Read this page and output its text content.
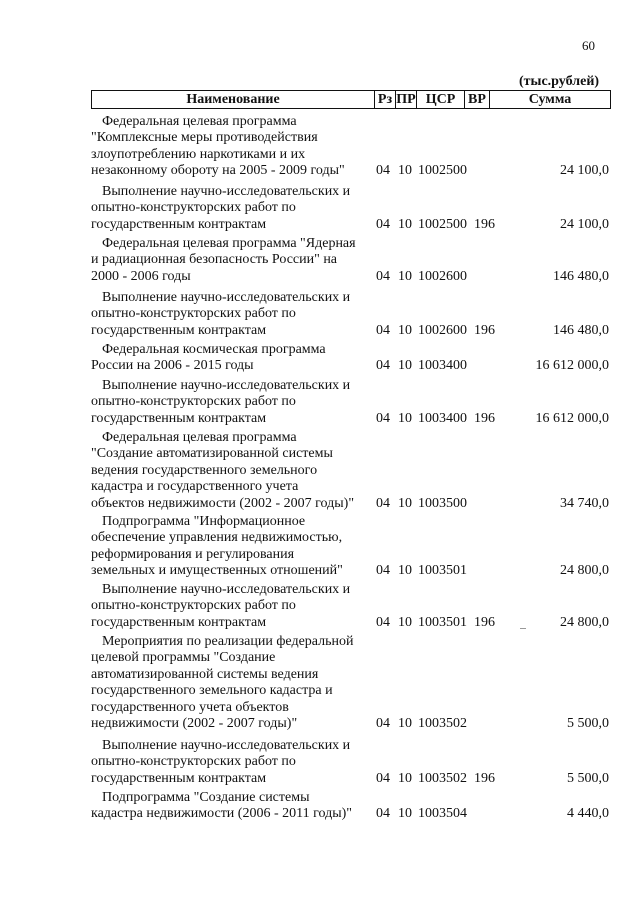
60
(тыс.рублей)
Наименование	Рз ПР ЦСР ВР	Сумма
Федеральная целевая программа
"Комплексные меры противодействия
злоупотреблению наркотиками и их
незаконному обороту на 2005 - 2009 годы"	04 10 1002500	24 100,0
Выполнение научно-исследовательских и
опытно-конструкторских работ по
государственным контрактам	04 10 1002500 196	24 100,0
Федеральная целевая программа "Ядерная
и радиационная безопасность России" на
2000 - 2006 годы	04 10 1002600	146 480,0
Выполнение научно-исследовательских и
опытно-конструкторских работ по
государственным контрактам	04 10 1002600 196	146 480,0
Федеральная космическая программа
России на 2006 - 2015 годы	04 10 1003400	16 612 000,0
Выполнение научно-исследовательских и
опытно-конструкторских работ по
государственным контрактам	04 10 1003400 196	16 612 000,0
Федеральная целевая программа
"Создание автоматизированной системы
ведения государственного земельного
кадастра и государственного учета
объектов недвижимости (2002 - 2007 годы)"	04 10 1003500	34 740,0
Подпрограмма "Информационное
обеспечение управления недвижимостью,
реформирования и регулирования
земельных и имущественных отношений"	04 10 1003501	24 800,0
Выполнение научно-исследовательских и
опытно-конструкторских работ по
государственным контрактам	04 10 1003501 196	24 800,0
Мероприятия по реализации федеральной
целевой программы "Создание
автоматизированной системы ведения
государственного земельного кадастра и
государственного учета объектов
недвижимости (2002 - 2007 годы)"	04 10 1003502	5 500,0
Выполнение научно-исследовательских и
опытно-конструкторских работ по
государственным контрактам	04 10 1003502 196	5 500,0
Подпрограмма "Создание системы
кадастра недвижимости (2006 - 2011 годы)"	04 10 1003504	4 440,0
